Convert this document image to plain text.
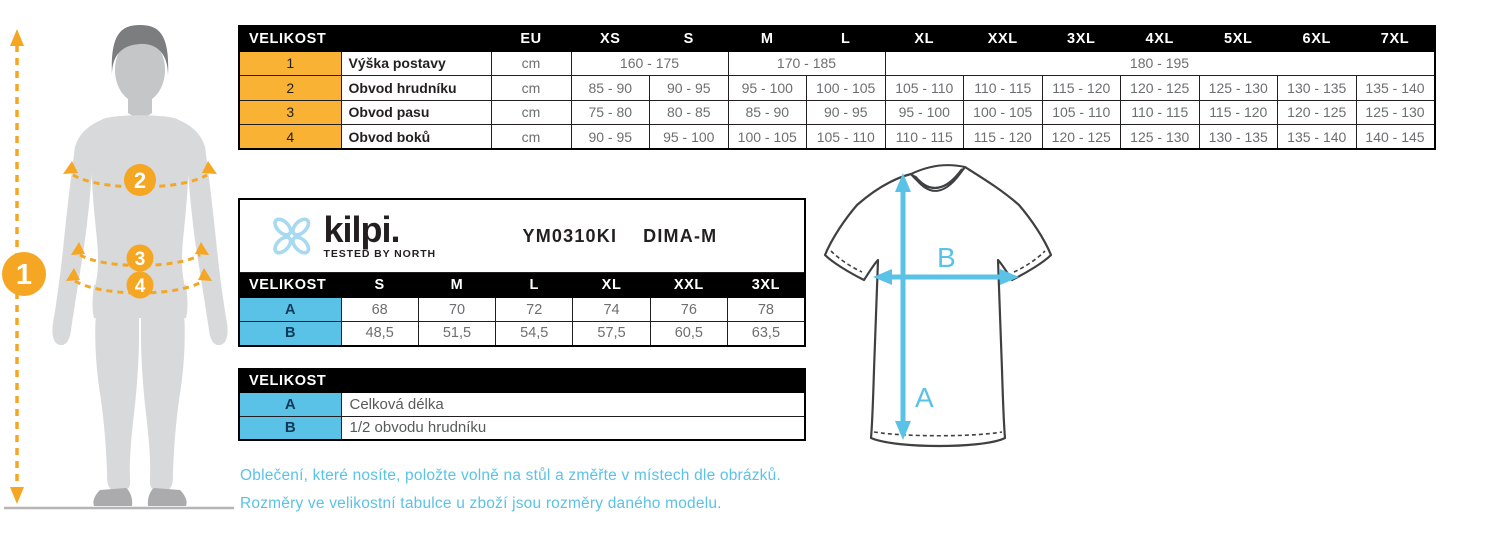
1
2
3
4
VELIKOST		EU	XS	S	M	L	XL	XXL	3XL	4XL	5XL	6XL	7XL
1	Výška postavy	cm	160 - 175		170 - 185		180 - 195						
2	Obvod hrudníku	cm	85 - 90	90 - 95	95 - 100	100 - 105	105 - 110	110 - 115	115 - 120	120 - 125	125 - 130	130 - 135	135 - 140
3	Obvod pasu	cm	75 - 80	80 - 85	85 - 90	90 - 95	95 - 100	100 - 105	105 - 110	110 - 115	115 - 120	120 - 125	125 - 130
4	Obvod boků	cm	90 - 95	95 - 100	100 - 105	105 - 110	110 - 115	115 - 120	120 - 125	125 - 130	130 - 135	135 - 140	140 - 145
kilpi.
TESTED BY NORTH
YM0310KI DIMA-M						

VELIKOST	S	M	L	XL	XXL	3XL
A	68	70	72	74	76	78
B	48,5	51,5	54,5	57,5	60,5	63,5
VELIKOST	
A	Celková délka
B	1/2 obvodu hrudníku
A
B
Oblečení, které nosíte, položte volně na stůl a změřte v místech dle obrázků.
Rozměry ve velikostní tabulce u zboží jsou rozměry daného modelu.
